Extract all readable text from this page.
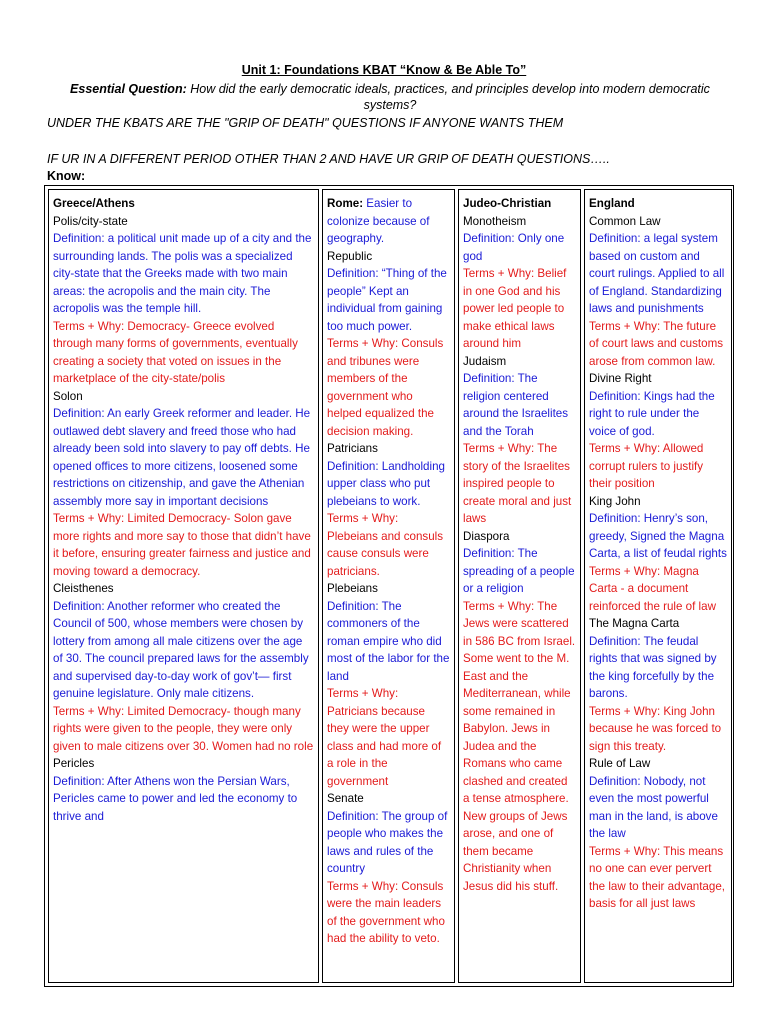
Unit 1: Foundations KBAT “Know & Be Able To”
Essential Question: How did the early democratic ideals, practices, and principles develop into modern democratic systems?
UNDER THE KBATS ARE THE "GRIP OF DEATH" QUESTIONS IF ANYONE WANTS THEM
IF UR IN A DIFFERENT PERIOD OTHER THAN 2 AND HAVE UR GRIP OF DEATH QUESTIONS…..
Know:
Greece/Athens
Polis/city-state
Definition: a political unit made up of a city and the surrounding lands. The polis was a specialized city-state that the Greeks made with two main areas: the acropolis and the main city. The acropolis was the temple hill.
Terms + Why: Democracy- Greece evolved through many forms of governments, eventually creating a society that voted on issues in the marketplace of the city-state/polis
Solon
Definition: An early Greek reformer and leader. He outlawed debt slavery and freed those who had already been sold into slavery to pay off debts. He opened offices to more citizens, loosened some restrictions on citizenship, and gave the Athenian assembly more say in important decisions
Terms + Why: Limited Democracy- Solon gave more rights and more say to those that didn’t have it before, ensuring greater fairness and justice and moving toward a democracy.
Cleisthenes
Definition: Another reformer who created the Council of 500, whose members were chosen by lottery from among all male citizens over the age of 30. The council prepared laws for the assembly and supervised day-to-day work of gov’t— first genuine legislature. Only male citizens.
Terms + Why: Limited Democracy- though many rights were given to the people, they were only given to male citizens over 30. Women had no role
Pericles
Definition: After Athens won the Persian Wars, Pericles came to power and led the economy to thrive and
Rome: Easier to colonize because of geography.
Republic
Definition: “Thing of the people” Kept an individual from gaining too much power.
Terms + Why: Consuls and tribunes were members of the government who helped equalized the decision making.
Patricians
Definition: Landholding upper class who put plebeians to work.
Terms + Why: Plebeians and consuls cause consuls were patricians.
Plebeians
Definition: The commoners of the roman empire who did most of the labor for the land
Terms + Why: Patricians because they were the upper class and had more of a role in the government
Senate
Definition: The group of people who makes the laws and rules of the country
Terms + Why: Consuls were the main leaders of the government who had the ability to veto.
Judeo-Christian
Monotheism
Definition: Only one god
Terms + Why: Belief in one God and his power led people to make ethical laws around him
Judaism
Definition: The religion centered around the Israelites and the Torah
Terms + Why: The story of the Israelites inspired people to create moral and just laws
Diaspora
Definition: The spreading of a people or a religion
Terms + Why: The Jews were scattered in 586 BC from Israel. Some went to the M. East and the Mediterranean, while some remained in Babylon. Jews in Judea and the Romans who came clashed and created a tense atmosphere. New groups of Jews arose, and one of them became Christianity when Jesus did his stuff.
England
Common Law
Definition: a legal system based on custom and court rulings. Applied to all of England. Standardizing laws and punishments
Terms + Why: The future of court laws and customs arose from common law.
Divine Right
Definition: Kings had the right to rule under the voice of god.
Terms + Why: Allowed corrupt rulers to justify their position
King John
Definition: Henry’s son, greedy, Signed the Magna Carta, a list of feudal rights
Terms + Why: Magna Carta - a document reinforced the rule of law
The Magna Carta
Definition: The feudal rights that was signed by the king forcefully by the barons.
Terms + Why: King John because he was forced to sign this treaty.
Rule of Law
Definition: Nobody, not even the most powerful man in the land, is above the law
Terms + Why: This means no one can ever pervert the law to their advantage, basis for all just laws
